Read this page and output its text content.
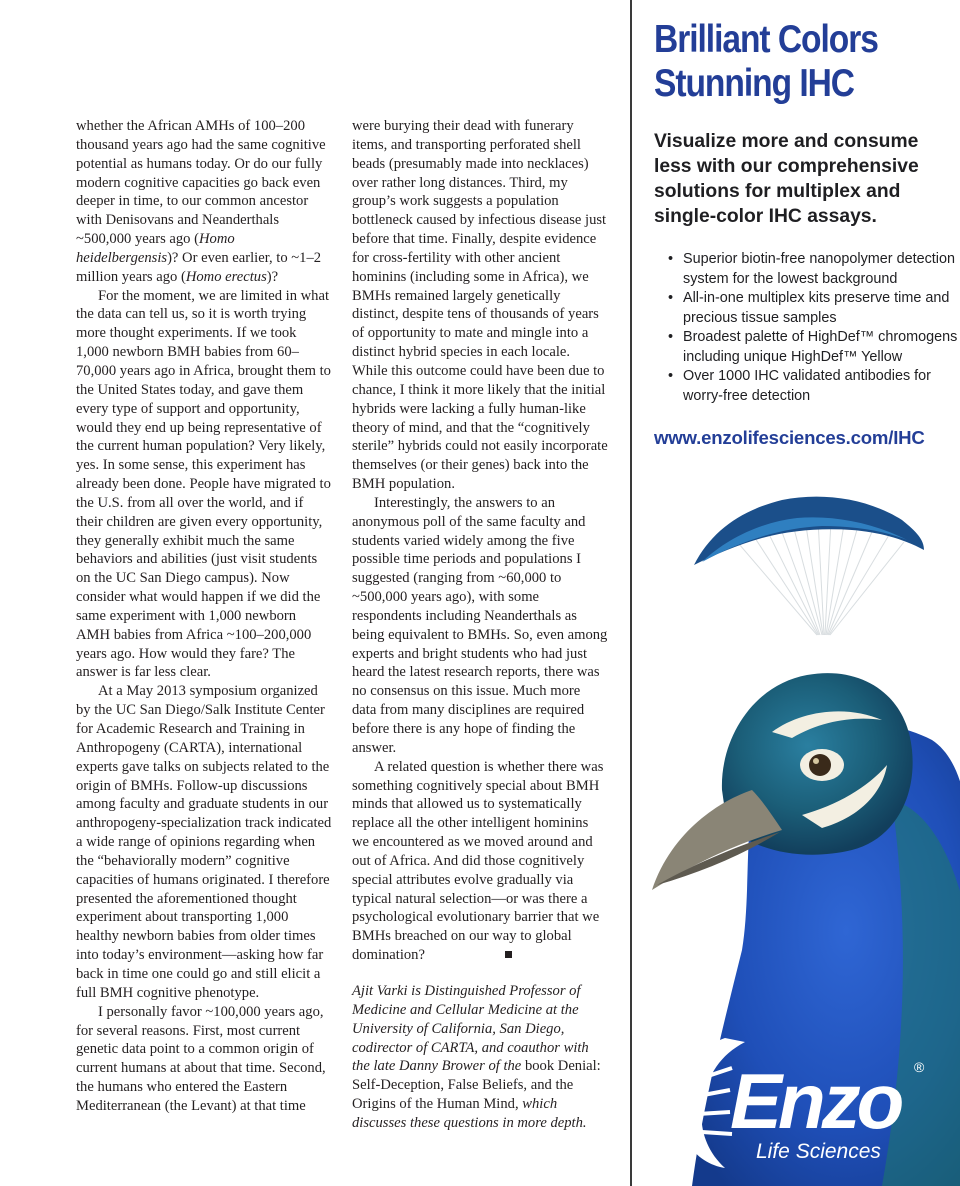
whether the African AMHs of 100–200 thousand years ago had the same cognitive potential as humans today. Or do our fully modern cognitive capacities go back even deeper in time, to our common ancestor with Denisovans and Neanderthals ~500,000 years ago (Homo heidelbergensis)? Or even earlier, to ~1–2 million years ago (Homo erectus)?

For the moment, we are limited in what the data can tell us, so it is worth trying more thought experiments. If we took 1,000 newborn BMH babies from 60–70,000 years ago in Africa, brought them to the United States today, and gave them every type of support and opportunity, would they end up being representative of the current human population? Very likely, yes. In some sense, this experiment has already been done. People have migrated to the U.S. from all over the world, and if their children are given every opportunity, they generally exhibit much the same behaviors and abilities (just visit students on the UC San Diego campus). Now consider what would happen if we did the same experiment with 1,000 newborn AMH babies from Africa ~100–200,000 years ago. How would they fare? The answer is far less clear.

At a May 2013 symposium organized by the UC San Diego/Salk Institute Center for Academic Research and Training in Anthropogeny (CARTA), international experts gave talks on subjects related to the origin of BMHs. Follow-up discussions among faculty and graduate students in our anthropogeny-specialization track indicated a wide range of opinions regarding when the “behaviorally modern” cognitive capacities of humans originated. I therefore presented the aforementioned thought experiment about transporting 1,000 healthy newborn babies from older times into today’s environment—asking how far back in time one could go and still elicit a full BMH cognitive phenotype.

I personally favor ~100,000 years ago, for several reasons. First, most current genetic data point to a common origin of current humans at about that time. Second, the humans who entered the Eastern Mediterranean (the Levant) at that time

were burying their dead with funerary items, and transporting perforated shell beads (presumably made into necklaces) over rather long distances. Third, my group’s work suggests a population bottleneck caused by infectious disease just before that time. Finally, despite evidence for cross-fertility with other ancient hominins (including some in Africa), we BMHs remained largely genetically distinct, despite tens of thousands of years of opportunity to mate and mingle into a distinct hybrid species in each locale. While this outcome could have been due to chance, I think it more likely that the initial hybrids were lacking a fully human-like theory of mind, and that the “cognitively sterile” hybrids could not easily incorporate themselves (or their genes) back into the BMH population.

Interestingly, the answers to an anonymous poll of the same faculty and students varied widely among the five possible time periods and populations I suggested (ranging from ~60,000 to ~500,000 years ago), with some respondents including Neanderthals as being equivalent to BMHs. So, even among experts and bright students who had just heard the latest research reports, there was no consensus on this issue. Much more data from many disciplines are required before there is any hope of finding the answer.

A related question is whether there was something cognitively special about BMH minds that allowed us to systematically replace all the other intelligent hominins we encountered as we moved around and out of Africa. And did those cognitively special attributes evolve gradually via typical natural selection—or was there a psychological evolutionary barrier that we BMHs breached on our way to global domination?

Ajit Varki is Distinguished Professor of Medicine and Cellular Medicine at the University of California, San Diego, codirector of CARTA, and coauthor with the late Danny Brower of the book Denial: Self-Deception, False Beliefs, and the Origins of the Human Mind, which discusses these questions in more depth.

Brilliant Colors
Stunning IHC

Visualize more and consume less with our comprehensive solutions for multiplex and single-color IHC assays.

• Superior biotin-free nanopolymer detection system for the lowest background
• All-in-one multiplex kits preserve time and precious tissue samples
• Broadest palette of HighDef™ chromogens including unique HighDef™ Yellow
• Over 1000 IHC validated antibodies for worry-free detection

www.enzolifesciences.com/IHC

Enzo ®
Life Sciences
